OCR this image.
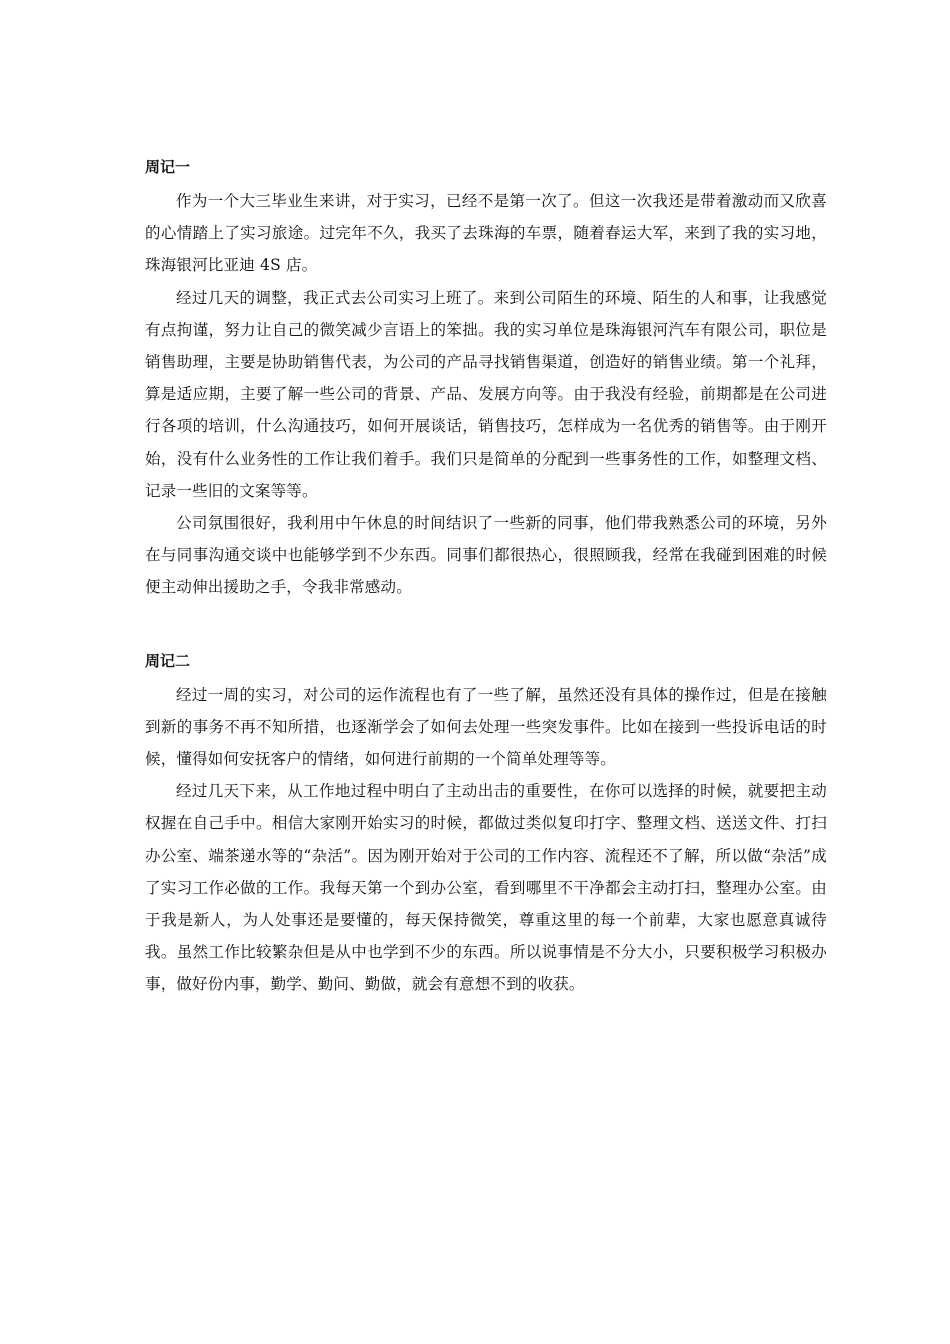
周记一

作为一个大三毕业生来讲，对于实习，已经不是第一次了。但这一次我还是带着激动而又欣喜的心情踏上了实习旅途。过完年不久，我买了去珠海的车票，随着春运大军，来到了我的实习地，珠海银河比亚迪 4S 店。

经过几天的调整，我正式去公司实习上班了。来到公司陌生的环境、陌生的人和事，让我感觉有点拘谨，努力让自己的微笑减少言语上的笨拙。我的实习单位是珠海银河汽车有限公司，职位是销售助理，主要是协助销售代表，为公司的产品寻找销售渠道，创造好的销售业绩。第一个礼拜，算是适应期，主要了解一些公司的背景、产品、发展方向等。由于我没有经验，前期都是在公司进行各项的培训，什么沟通技巧，如何开展谈话，销售技巧，怎样成为一名优秀的销售等。由于刚开始，没有什么业务性的工作让我们着手。我们只是简单的分配到一些事务性的工作，如整理文档、记录一些旧的文案等等。

公司氛围很好，我利用中午休息的时间结识了一些新的同事，他们带我熟悉公司的环境，另外在与同事沟通交谈中也能够学到不少东西。同事们都很热心，很照顾我，经常在我碰到困难的时候便主动伸出援助之手，令我非常感动。

周记二

经过一周的实习，对公司的运作流程也有了一些了解，虽然还没有具体的操作过，但是在接触到新的事务不再不知所措，也逐渐学会了如何去处理一些突发事件。比如在接到一些投诉电话的时候，懂得如何安抚客户的情绪，如何进行前期的一个简单处理等等。

经过几天下来，从工作地过程中明白了主动出击的重要性，在你可以选择的时候，就要把主动权握在自己手中。相信大家刚开始实习的时候，都做过类似复印打字、整理文档、送送文件、打扫办公室、端茶递水等的“杂活”。因为刚开始对于公司的工作内容、流程还不了解，所以做“杂活”成了实习工作必做的工作。我每天第一个到办公室，看到哪里不干净都会主动打扫，整理办公室。由于我是新人，为人处事还是要懂的，每天保持微笑，尊重这里的每一个前辈，大家也愿意真诚待我。虽然工作比较繁杂但是从中也学到不少的东西。所以说事情是不分大小，只要积极学习积极办事，做好份内事，勤学、勤问、勤做，就会有意想不到的收获。
